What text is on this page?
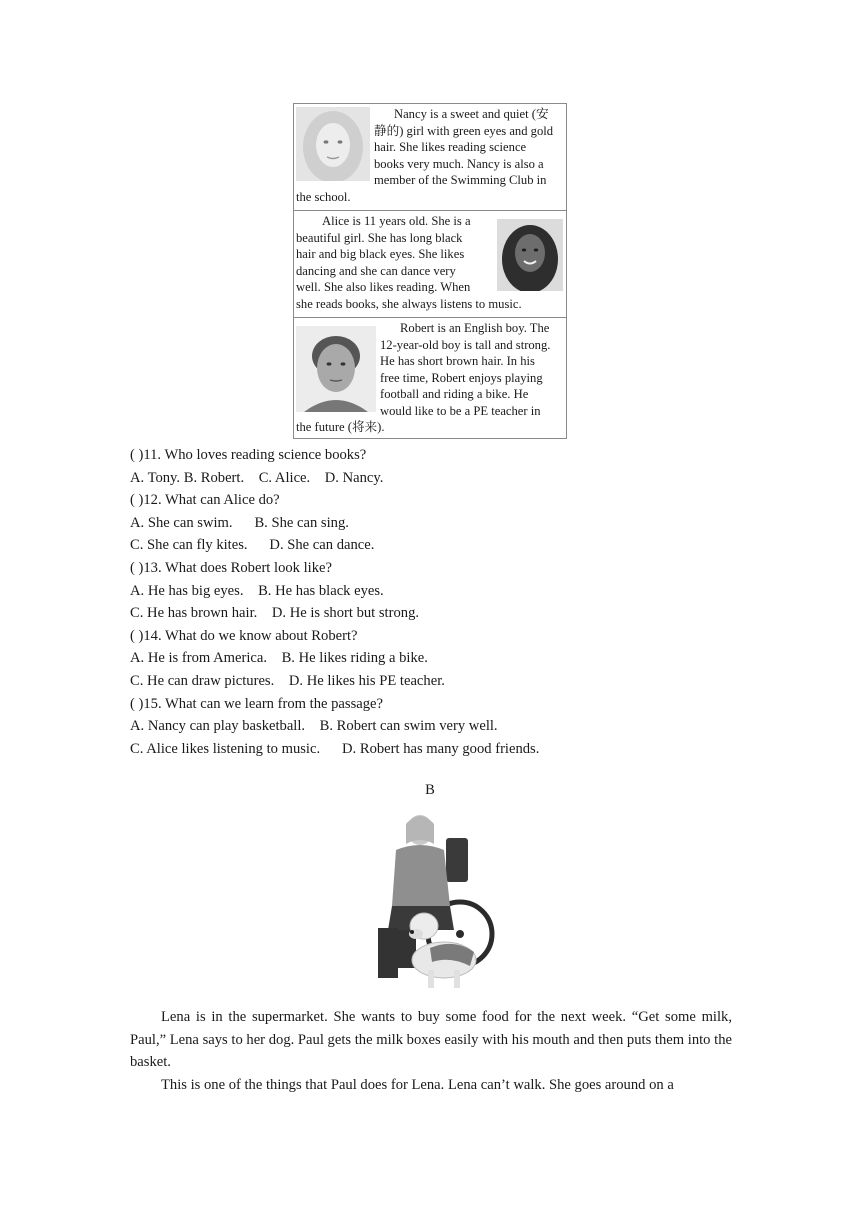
Nancy is a sweet and quiet (安
静的) girl with green eyes and gold
hair. She likes reading science
books very much. Nancy is also a
member of the Swimming Club in
the school.
Alice is 11 years old. She is a
beautiful girl. She has long black
hair and big black eyes. She likes
dancing and she can dance very
well. She also likes reading. When
she reads books, she always listens to music.
Robert is an English boy. The
12-year-old boy is tall and strong.
He has short brown hair. In his
free time, Robert enjoys playing
football and riding a bike. He
would like to be a PE teacher in
the future (将来).
( )11. Who loves reading science books?
A. Tony. B. Robert.    C. Alice.    D. Nancy.
( )12. What can Alice do?
A. She can swim.      B. She can sing.
C. She can fly kites.      D. She can dance.
( )13. What does Robert look like?
A. He has big eyes.    B. He has black eyes.
C. He has brown hair.    D. He is short but strong.
( )14. What do we know about Robert?
A. He is from America.    B. He likes riding a bike.
C. He can draw pictures.    D. He likes his PE teacher.
( )15. What can we learn from the passage?
A. Nancy can play basketball.    B. Robert can swim very well.
C. Alice likes listening to music.      D. Robert has many good friends.
B

Lena is in the supermarket. She wants to buy some food for the next week. “Get some milk, Paul,” Lena says to her dog. Paul gets the milk boxes easily with his mouth and then puts them into the basket.

This is one of the things that Paul does for Lena. Lena can’t walk. She goes around on a
